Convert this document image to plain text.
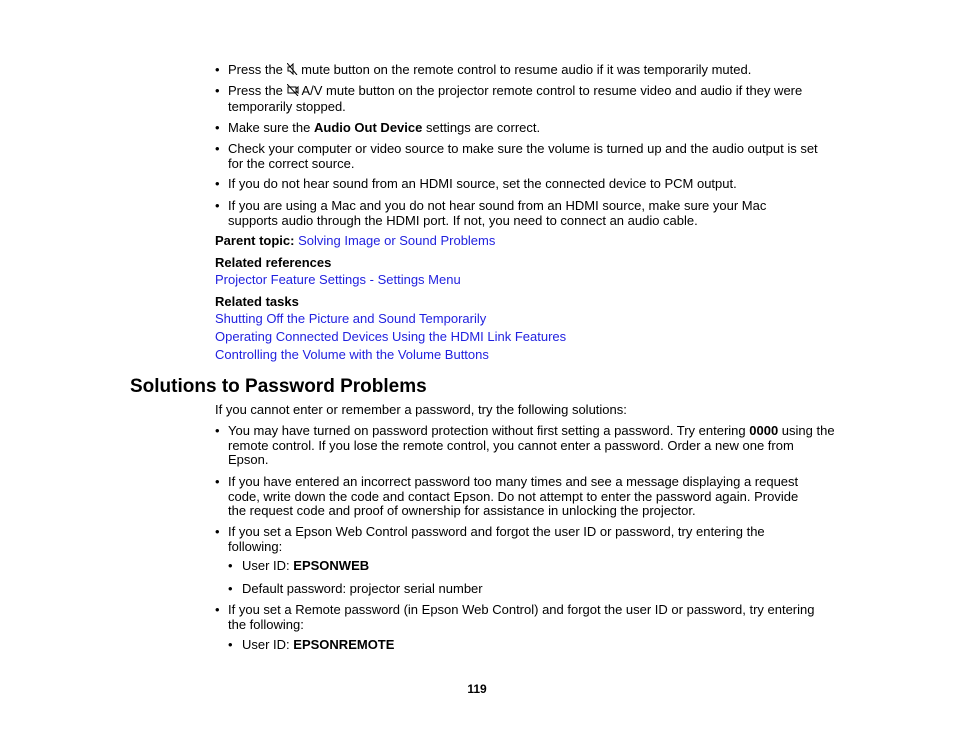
• Press the mute button on the remote control to resume audio if it was temporarily muted.
• Press the A/V mute button on the projector remote control to resume video and audio if they were temporarily stopped.
• Make sure the Audio Out Device settings are correct.
• Check your computer or video source to make sure the volume is turned up and the audio output is set for the correct source.
• If you do not hear sound from an HDMI source, set the connected device to PCM output.
• If you are using a Mac and you do not hear sound from an HDMI source, make sure your Mac supports audio through the HDMI port. If not, you need to connect an audio cable.
Parent topic: Solving Image or Sound Problems
Related references
Projector Feature Settings - Settings Menu
Related tasks
Shutting Off the Picture and Sound Temporarily
Operating Connected Devices Using the HDMI Link Features
Controlling the Volume with the Volume Buttons
Solutions to Password Problems
If you cannot enter or remember a password, try the following solutions:
• You may have turned on password protection without first setting a password. Try entering 0000 using the remote control. If you lose the remote control, you cannot enter a password. Order a new one from Epson.
• If you have entered an incorrect password too many times and see a message displaying a request code, write down the code and contact Epson. Do not attempt to enter the password again. Provide the request code and proof of ownership for assistance in unlocking the projector.
• If you set a Epson Web Control password and forgot the user ID or password, try entering the following:
• User ID: EPSONWEB
• Default password: projector serial number
• If you set a Remote password (in Epson Web Control) and forgot the user ID or password, try entering the following:
• User ID: EPSONREMOTE
119
